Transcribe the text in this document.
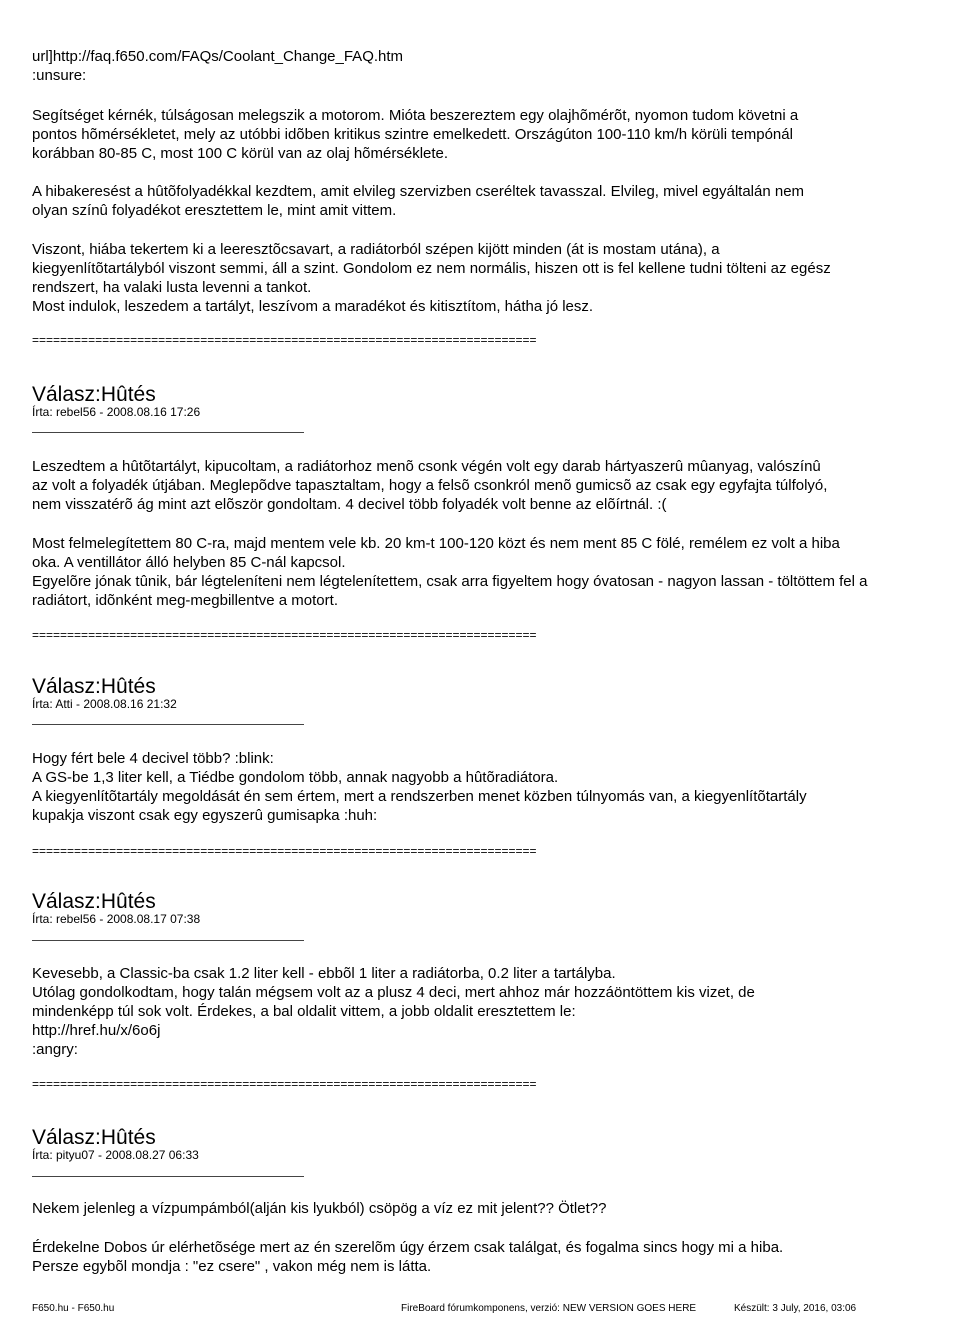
url]http://faq.f650.com/FAQs/Coolant_Change_FAQ.htm
:unsure:

Segítséget kérnék, túlságosan melegszik a motorom. Mióta beszereztem egy olajhõmérõt, nyomon tudom követni a

pontos hõmérsékletet, mely az utóbbi idõben kritikus szintre emelkedett. Országúton 100-110 km/h körüli tempónál

korábban 80-85 C, most 100 C körül van az olaj hõmérséklete.

A hibakeresést a hûtõfolyadékkal kezdtem, amit elvileg szervizben cseréltek tavasszal. Elvileg, mivel egyáltalán nem

olyan színû folyadékot eresztettem le, mint amit vittem.

Viszont, hiába tekertem ki a leeresztõcsavart, a radiátorból szépen kijött minden (át is mostam utána), a

kiegyenlítõtartályból viszont semmi, áll a szint. Gondolom ez nem normális, hiszen ott is fel kellene tudni tölteni az egész

rendszert, ha valaki lusta levenni a tankot.

Most indulok, leszedem a tartályt, leszívom a maradékot és kitisztítom, hátha jó lesz.

========================================================================
Válasz:Hûtés
Írta: rebel56 - 2008.08.16 17:26

Leszedtem a hûtõtartályt, kipucoltam, a radiátorhoz menõ csonk végén volt egy darab hártyaszerû mûanyag, valószínû

az volt a folyadék útjában. Meglepõdve tapasztaltam, hogy a felsõ csonkról menõ gumicsõ az csak egy egyfajta túlfolyó,

nem visszatérõ ág mint azt elõször gondoltam. 4 decivel több folyadék volt benne az elõírtnál. :(

Most felmelegítettem 80 C-ra, majd mentem vele kb. 20 km-t 100-120 közt és nem ment 85 C fölé, remélem ez volt a hiba

oka. A ventillátor álló helyben 85 C-nál kapcsol.

Egyelõre jónak tûnik, bár légteleníteni nem légtelenítettem, csak arra figyeltem hogy óvatosan - nagyon lassan - töltöttem fel a

radiátort, idõnként meg-megbillentve a motort.

========================================================================
Válasz:Hûtés
Írta: Atti - 2008.08.16 21:32

Hogy fért bele 4 decivel több? :blink:

A GS-be 1,3 liter kell, a Tiédbe gondolom több, annak nagyobb a hûtõradiátora.

A kiegyenlítõtartály megoldását én sem értem, mert a rendszerben menet közben túlnyomás van, a kiegyenlítõtartály

kupakja viszont csak egy egyszerû gumisapka :huh:

========================================================================
Válasz:Hûtés
Írta: rebel56 - 2008.08.17 07:38

Kevesebb, a Classic-ba csak 1.2 liter kell - ebbõl 1 liter a radiátorba, 0.2 liter a tartályba.

Utólag gondolkodtam, hogy talán mégsem volt az a plusz 4 deci, mert ahhoz már hozzáöntöttem kis vizet, de

mindenképp túl sok volt. Érdekes, a bal oldalit vittem, a jobb oldalit eresztettem le:

http://href.hu/x/6o6j

:angry:

========================================================================
Válasz:Hûtés
Írta: pityu07 - 2008.08.27 06:33

Nekem jelenleg a vízpumpámból(alján kis lyukból) csöpög a víz ez mit jelent?? Ötlet??

Érdekelne Dobos úr elérhetõsége mert az én szerelõm úgy érzem csak találgat, és fogalma sincs hogy mi a hiba.

Persze egybõl mondja : "ez csere" , vakon még nem is látta.

F650.hu - F650.hu	FireBoard fórumkomponens, verzió: NEW VERSION GOES HERE	Készült: 3 July, 2016, 03:06
